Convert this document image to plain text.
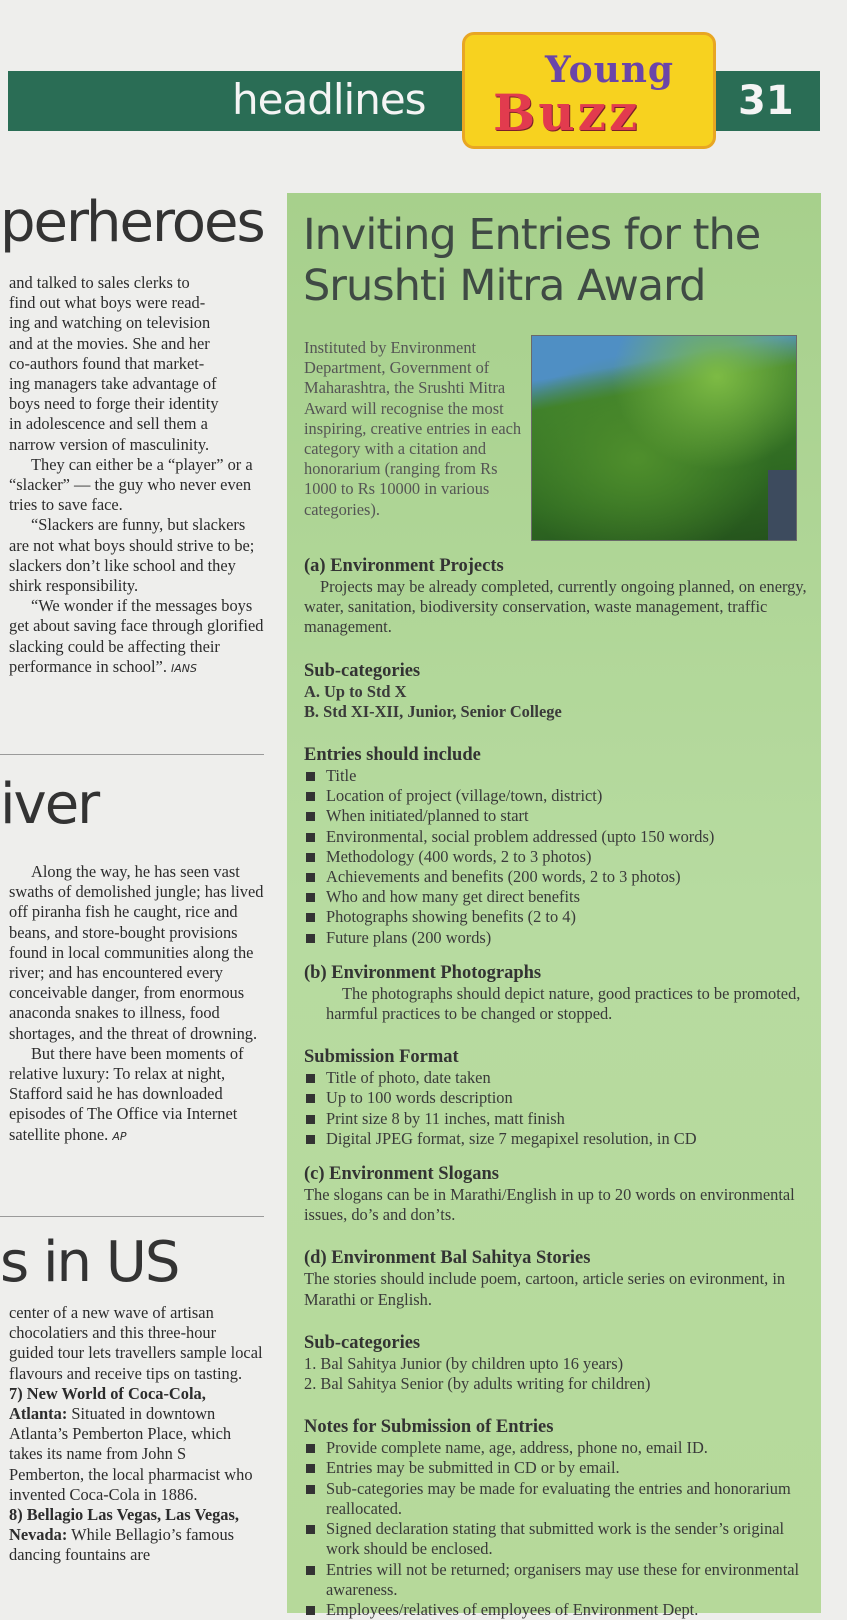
headlines
Young
Buzz 31
perheroes

and talked to sales clerks to

find out what boys were read-

ing and watching on television

and at the movies. She and her

co-authors found that market-

ing managers take advantage of

boys need to forge their identity

in adolescence and sell them a

narrow version of masculinity.

They can either be a “player” or a “slacker” — the guy who never even tries to save face.

“Slackers are funny, but slackers are not what boys should strive to be; slackers don’t like school and they shirk responsibility.

“We wonder if the messages boys get about saving face through glorified slacking could be affecting their performance in school”. IANS

iver

Along the way, he has seen vast swaths of demolished jungle; has lived off piranha fish he caught, rice and beans, and store-bought provisions found in local communities along the river; and has encountered every conceivable danger, from enormous anaconda snakes to illness, food shortages, and the threat of drowning.

But there have been moments of relative luxury: To relax at night, Stafford said he has downloaded episodes of The Office via Internet satellite phone. AP

s in US

center of a new wave of artisan chocolatiers and this three-hour guided tour lets travellers sample local flavours and receive tips on tasting.

7) New World of Coca-Cola, Atlanta: Situated in downtown Atlanta’s Pemberton Place, which takes its name from John S Pemberton, the local pharmacist who invented Coca-Cola in 1886.

8) Bellagio Las Vegas, Las Vegas, Nevada: While Bellagio’s famous dancing fountains are

Inviting Entries for the Srushti Mitra Award
Instituted by Environment Department, Government of Maharashtra, the Srushti Mitra Award will recognise the most inspiring, creative entries in each category with a citation and honorarium (ranging from Rs 1000 to Rs 10000 in various categories).
(a) Environment Projects

Projects may be already completed, currently ongoing planned, on energy, water, sanitation, biodiversity conservation, waste management, traffic management.

Sub-categories

A. Up to Std X

B. Std XI-XII, Junior, Senior College

Entries should include
Title
Location of project (village/town, district)
When initiated/planned to start
Environmental, social problem addressed (upto 150 words)
Methodology (400 words, 2 to 3 photos)
Achievements and benefits (200 words, 2 to 3 photos)
Who and how many get direct benefits
Photographs showing benefits (2 to 4)
Future plans (200 words)
(b) Environment Photographs

The photographs should depict nature, good practices to be promoted, harmful practices to be changed or stopped.

Submission Format
Title of photo, date taken
Up to 100 words description
Print size 8 by 11 inches, matt finish
Digital JPEG format, size 7 megapixel resolution, in CD
(c) Environment Slogans

The slogans can be in Marathi/English in up to 20 words on environmental issues, do’s and don’ts.

(d) Environment Bal Sahitya Stories

The stories should include poem, cartoon, article series on evironment, in Marathi or English.

Sub-categories

1. Bal Sahitya Junior (by children upto 16 years)

2. Bal Sahitya Senior (by adults writing for children)

Notes for Submission of Entries
Provide complete name, age, address, phone no, email ID.
Entries may be submitted in CD or by email.
Sub-categories may be made for evaluating the entries and honorarium reallocated.
Signed declaration stating that submitted work is the sender’s original work should be enclosed.
Entries will not be returned; organisers may use these for environmental awareness.
Employees/relatives of employees of Environment Dept.
